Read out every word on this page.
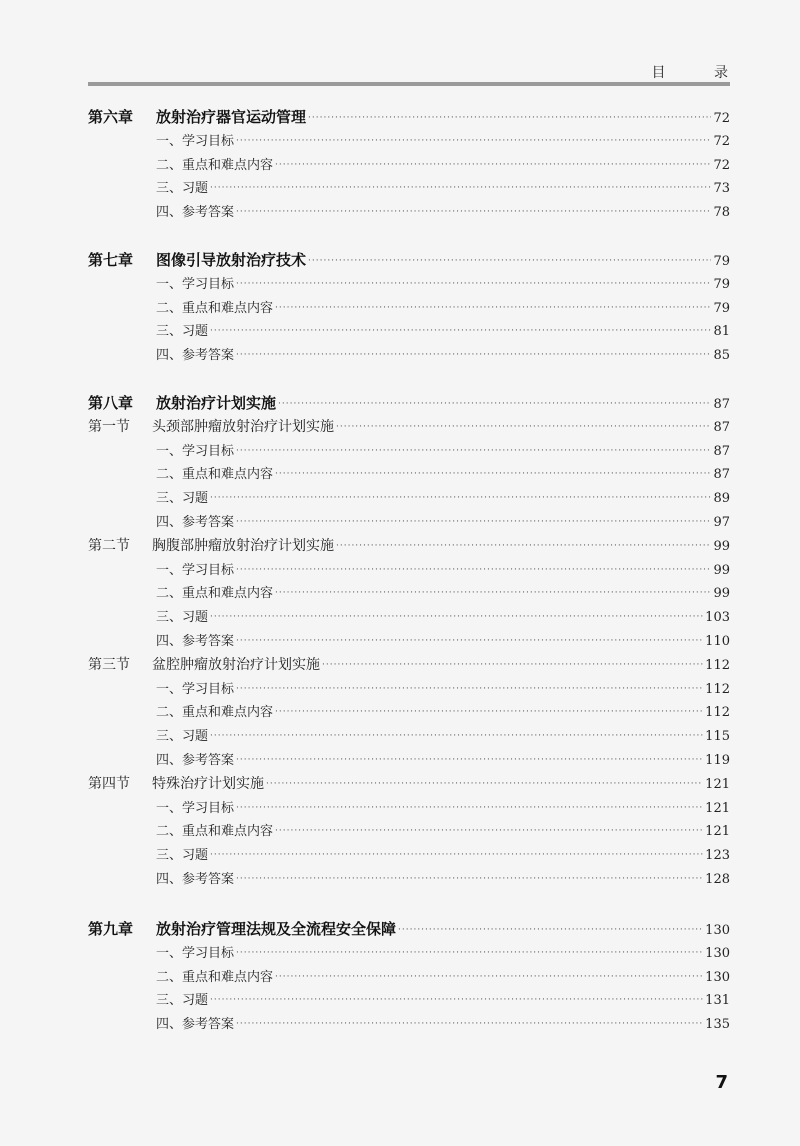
目 录
第六章	放射治疗器官运动管理 ·····	72
一、学习目标 ·····	72
二、重点和难点内容 ·····	72
三、习题 ·····	73
四、参考答案 ·····	78
第七章	图像引导放射治疗技术 ·····	79
一、学习目标 ·····	79
二、重点和难点内容 ·····	79
三、习题 ·····	81
四、参考答案 ·····	85
第八章	放射治疗计划实施 ·····	87
第一节	头颈部肿瘤放射治疗计划实施 ·····	87
一、学习目标 ·····	87
二、重点和难点内容 ·····	87
三、习题 ·····	89
四、参考答案 ·····	97
第二节	胸腹部肿瘤放射治疗计划实施 ·····	99
一、学习目标 ·····	99
二、重点和难点内容 ·····	99
三、习题 ·····	103
四、参考答案 ·····	110
第三节	盆腔肿瘤放射治疗计划实施 ·····	112
一、学习目标 ·····	112
二、重点和难点内容 ·····	112
三、习题 ·····	115
四、参考答案 ·····	119
第四节	特殊治疗计划实施 ·····	121
一、学习目标 ·····	121
二、重点和难点内容 ·····	121
三、习题 ·····	123
四、参考答案 ·····	128
第九章	放射治疗管理法规及全流程安全保障 ·····	130
一、学习目标 ·····	130
二、重点和难点内容 ·····	130
三、习题 ·····	131
四、参考答案 ·····	135
7
